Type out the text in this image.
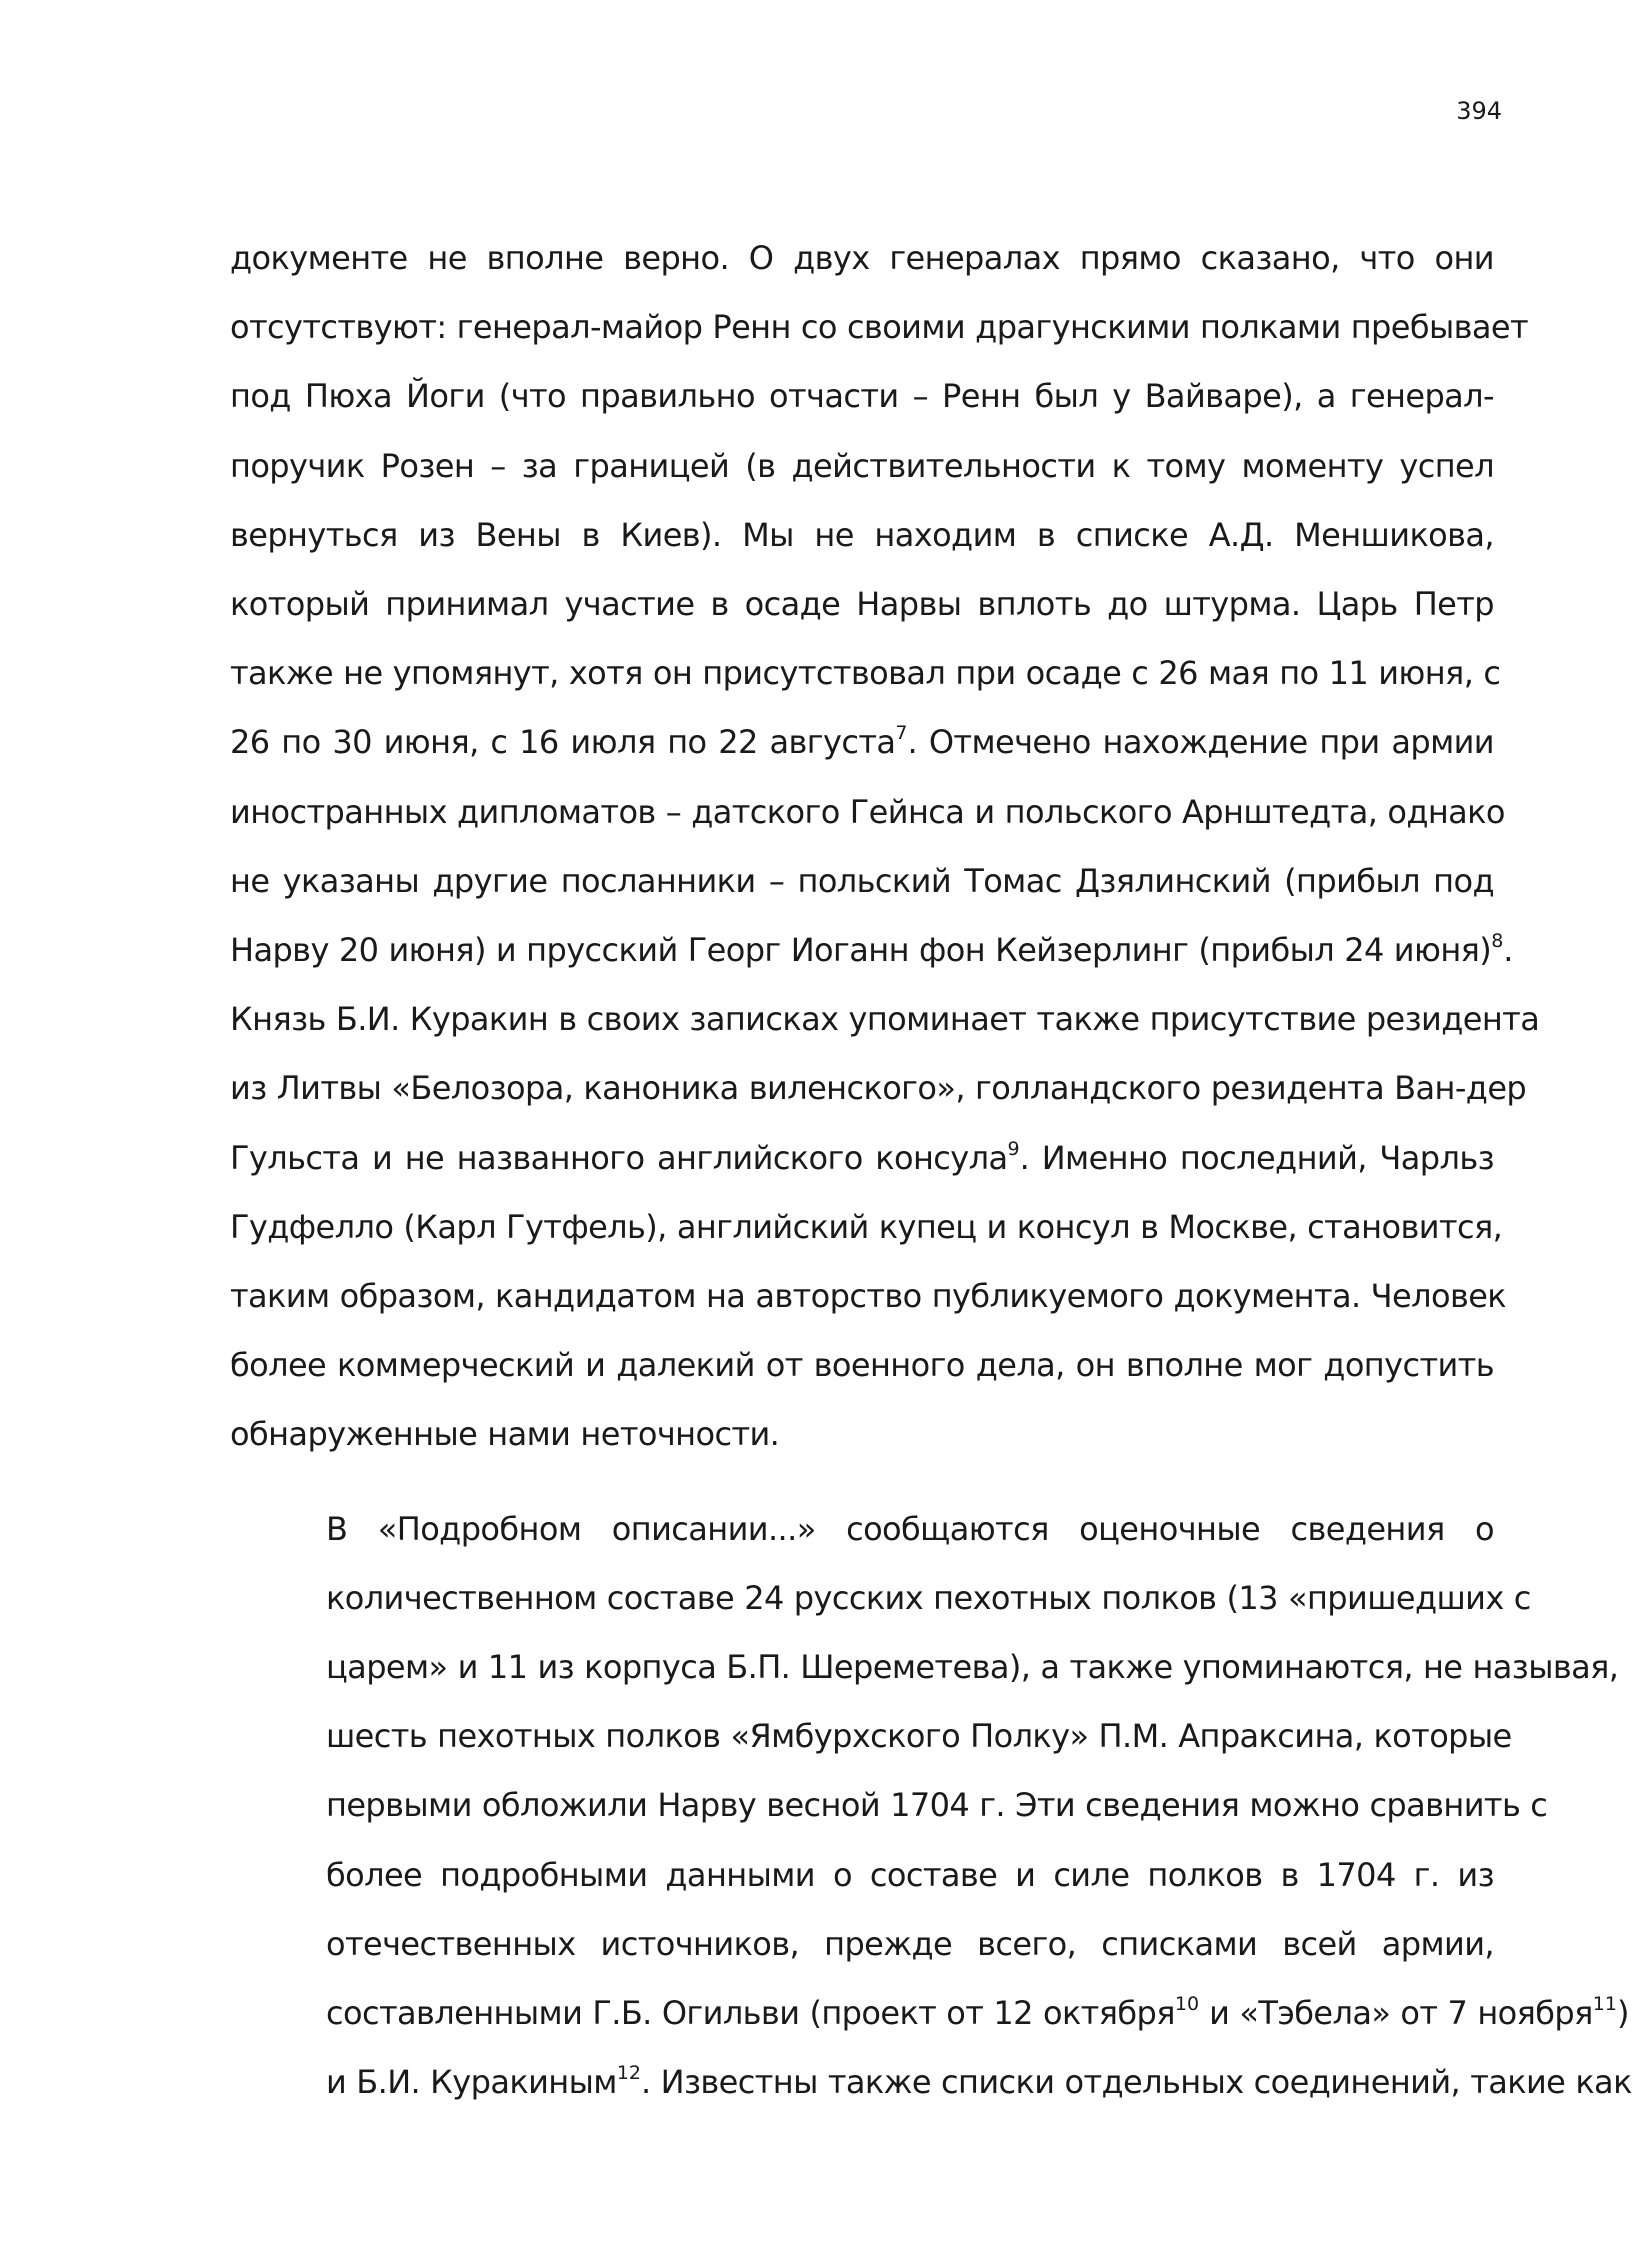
394

документе не вполне верно. О двух генералах прямо сказано, что они
отсутствуют: генерал-майор Ренн со своими драгунскими полками пребывает
под Пюха Йоги (что правильно отчасти – Ренн был у Вайваре), а генерал-
поручик Розен – за границей (в действительности к тому моменту успел
вернуться из Вены в Киев). Мы не находим в списке А.Д. Меншикова,
который принимал участие в осаде Нарвы вплоть до штурма. Царь Петр
также не упомянут, хотя он присутствовал при осаде с 26 мая по 11 июня, с
26 по 30 июня, с 16 июля по 22 августа$^7$. Отмечено нахождение при армии
иностранных дипломатов – датского Гейнса и польского Арнштедта, однако
не указаны другие посланники – польский Томас Дзялинский (прибыл под
Нарву 20 июня) и прусский Георг Иоганн фон Кейзерлинг (прибыл 24 июня)$^8$.
Князь Б.И. Куракин в своих записках упоминает также присутствие резидента
из Литвы «Белозора, каноника виленского», голландского резидента Ван-дер
Гульста и не названного английского консула$^9$. Именно последний, Чарльз
Гудфелло (Карл Гутфель), английский купец и консул в Москве, становится,
таким образом, кандидатом на авторство публикуемого документа. Человек
более коммерческий и далекий от военного дела, он вполне мог допустить
обнаруженные нами неточности.

В «Подробном описании...» сообщаются оценочные сведения о
количественном составе 24 русских пехотных полков (13 «пришедших с
царем» и 11 из корпуса Б.П. Шереметева), а также упоминаются, не называя,
шесть пехотных полков «Ямбурхского Полку» П.М. Апраксина, которые
первыми обложили Нарву весной 1704 г. Эти сведения можно сравнить с
более подробными данными о составе и силе полков в 1704 г. из
отечественных источников, прежде всего, списками всей армии,
составленными Г.Б. Огильви (проект от 12 октября$^{10}$ и «Тэбела» от 7 ноября$^{11}$)
и Б.И. Куракиным$^{12}$. Известны также списки отдельных соединений, такие как
